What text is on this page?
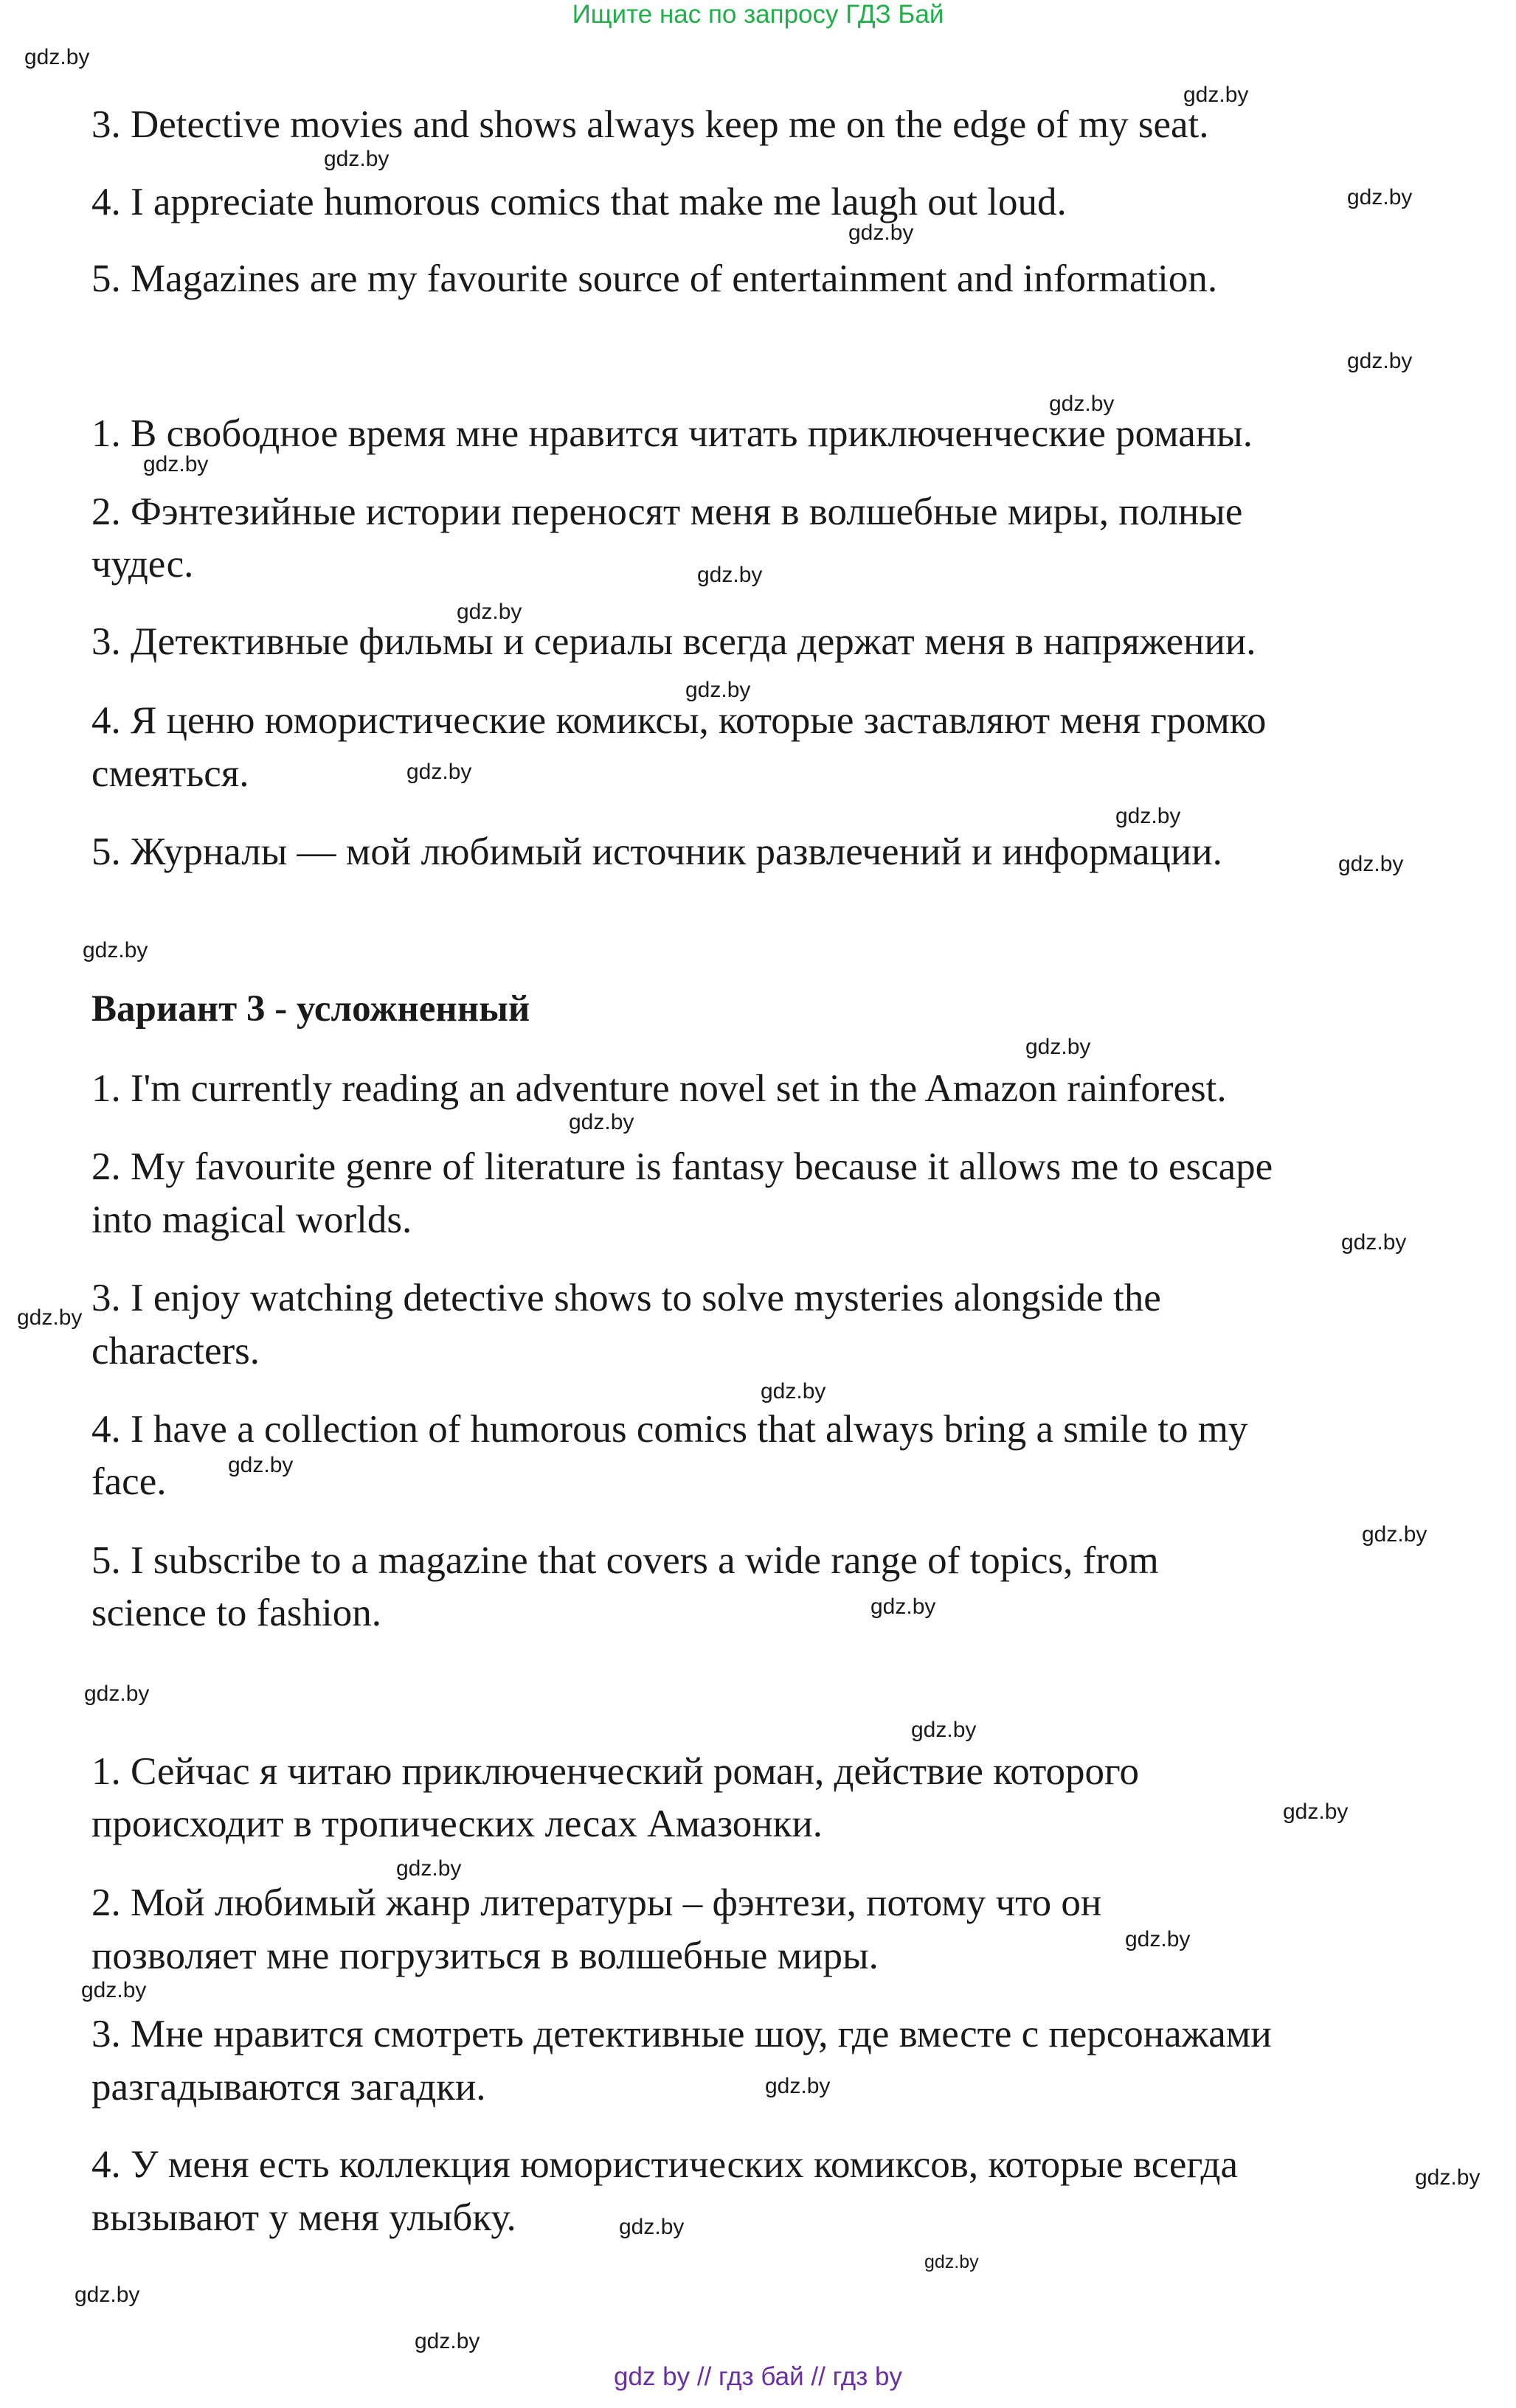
Ищите нас по запросу ГДЗ Бай
3. Detective movies and shows always keep me on the edge of my seat.
4. I appreciate humorous comics that make me laugh out loud.
5. Magazines are my favourite source of entertainment and information.
1. В свободное время мне нравится читать приключенческие романы.
2. Фэнтезийные истории переносят меня в волшебные миры, полные
чудес.
3. Детективные фильмы и сериалы всегда держат меня в напряжении.
4. Я ценю юмористические комиксы, которые заставляют меня громко
смеяться.
5. Журналы — мой любимый источник развлечений и информации.
Вариант 3 - усложненный
1. I'm currently reading an adventure novel set in the Amazon rainforest.
2. My favourite genre of literature is fantasy because it allows me to escape
into magical worlds.
3. I enjoy watching detective shows to solve mysteries alongside the
characters.
4. I have a collection of humorous comics that always bring a smile to my
face.
5. I subscribe to a magazine that covers a wide range of topics, from
science to fashion.
1. Сейчас я читаю приключенческий роман, действие которого
происходит в тропических лесах Амазонки.
2. Мой любимый жанр литературы – фэнтези, потому что он
позволяет мне погрузиться в волшебные миры.
3. Мне нравится смотреть детективные шоу, где вместе с персонажами
разгадываются загадки.
4. У меня есть коллекция юмористических комиксов, которые всегда
вызывают у меня улыбку.
gdz.by
gdz.by
gdz.by
gdz.by
gdz.by
gdz.by
gdz.by
gdz.by
gdz.by
gdz.by
gdz.by
gdz.by
gdz.by
gdz.by
gdz.by
gdz.by
gdz.by
gdz.by
gdz.by
gdz.by
gdz.by
gdz.by
gdz.by
gdz.by
gdz.by
gdz.by
gdz.by
gdz.by
gdz.by
gdz.by
gdz.by
gdz.by
gdz.by
gdz.by
gdz.by
gdz by // гдз бай // гдз by
